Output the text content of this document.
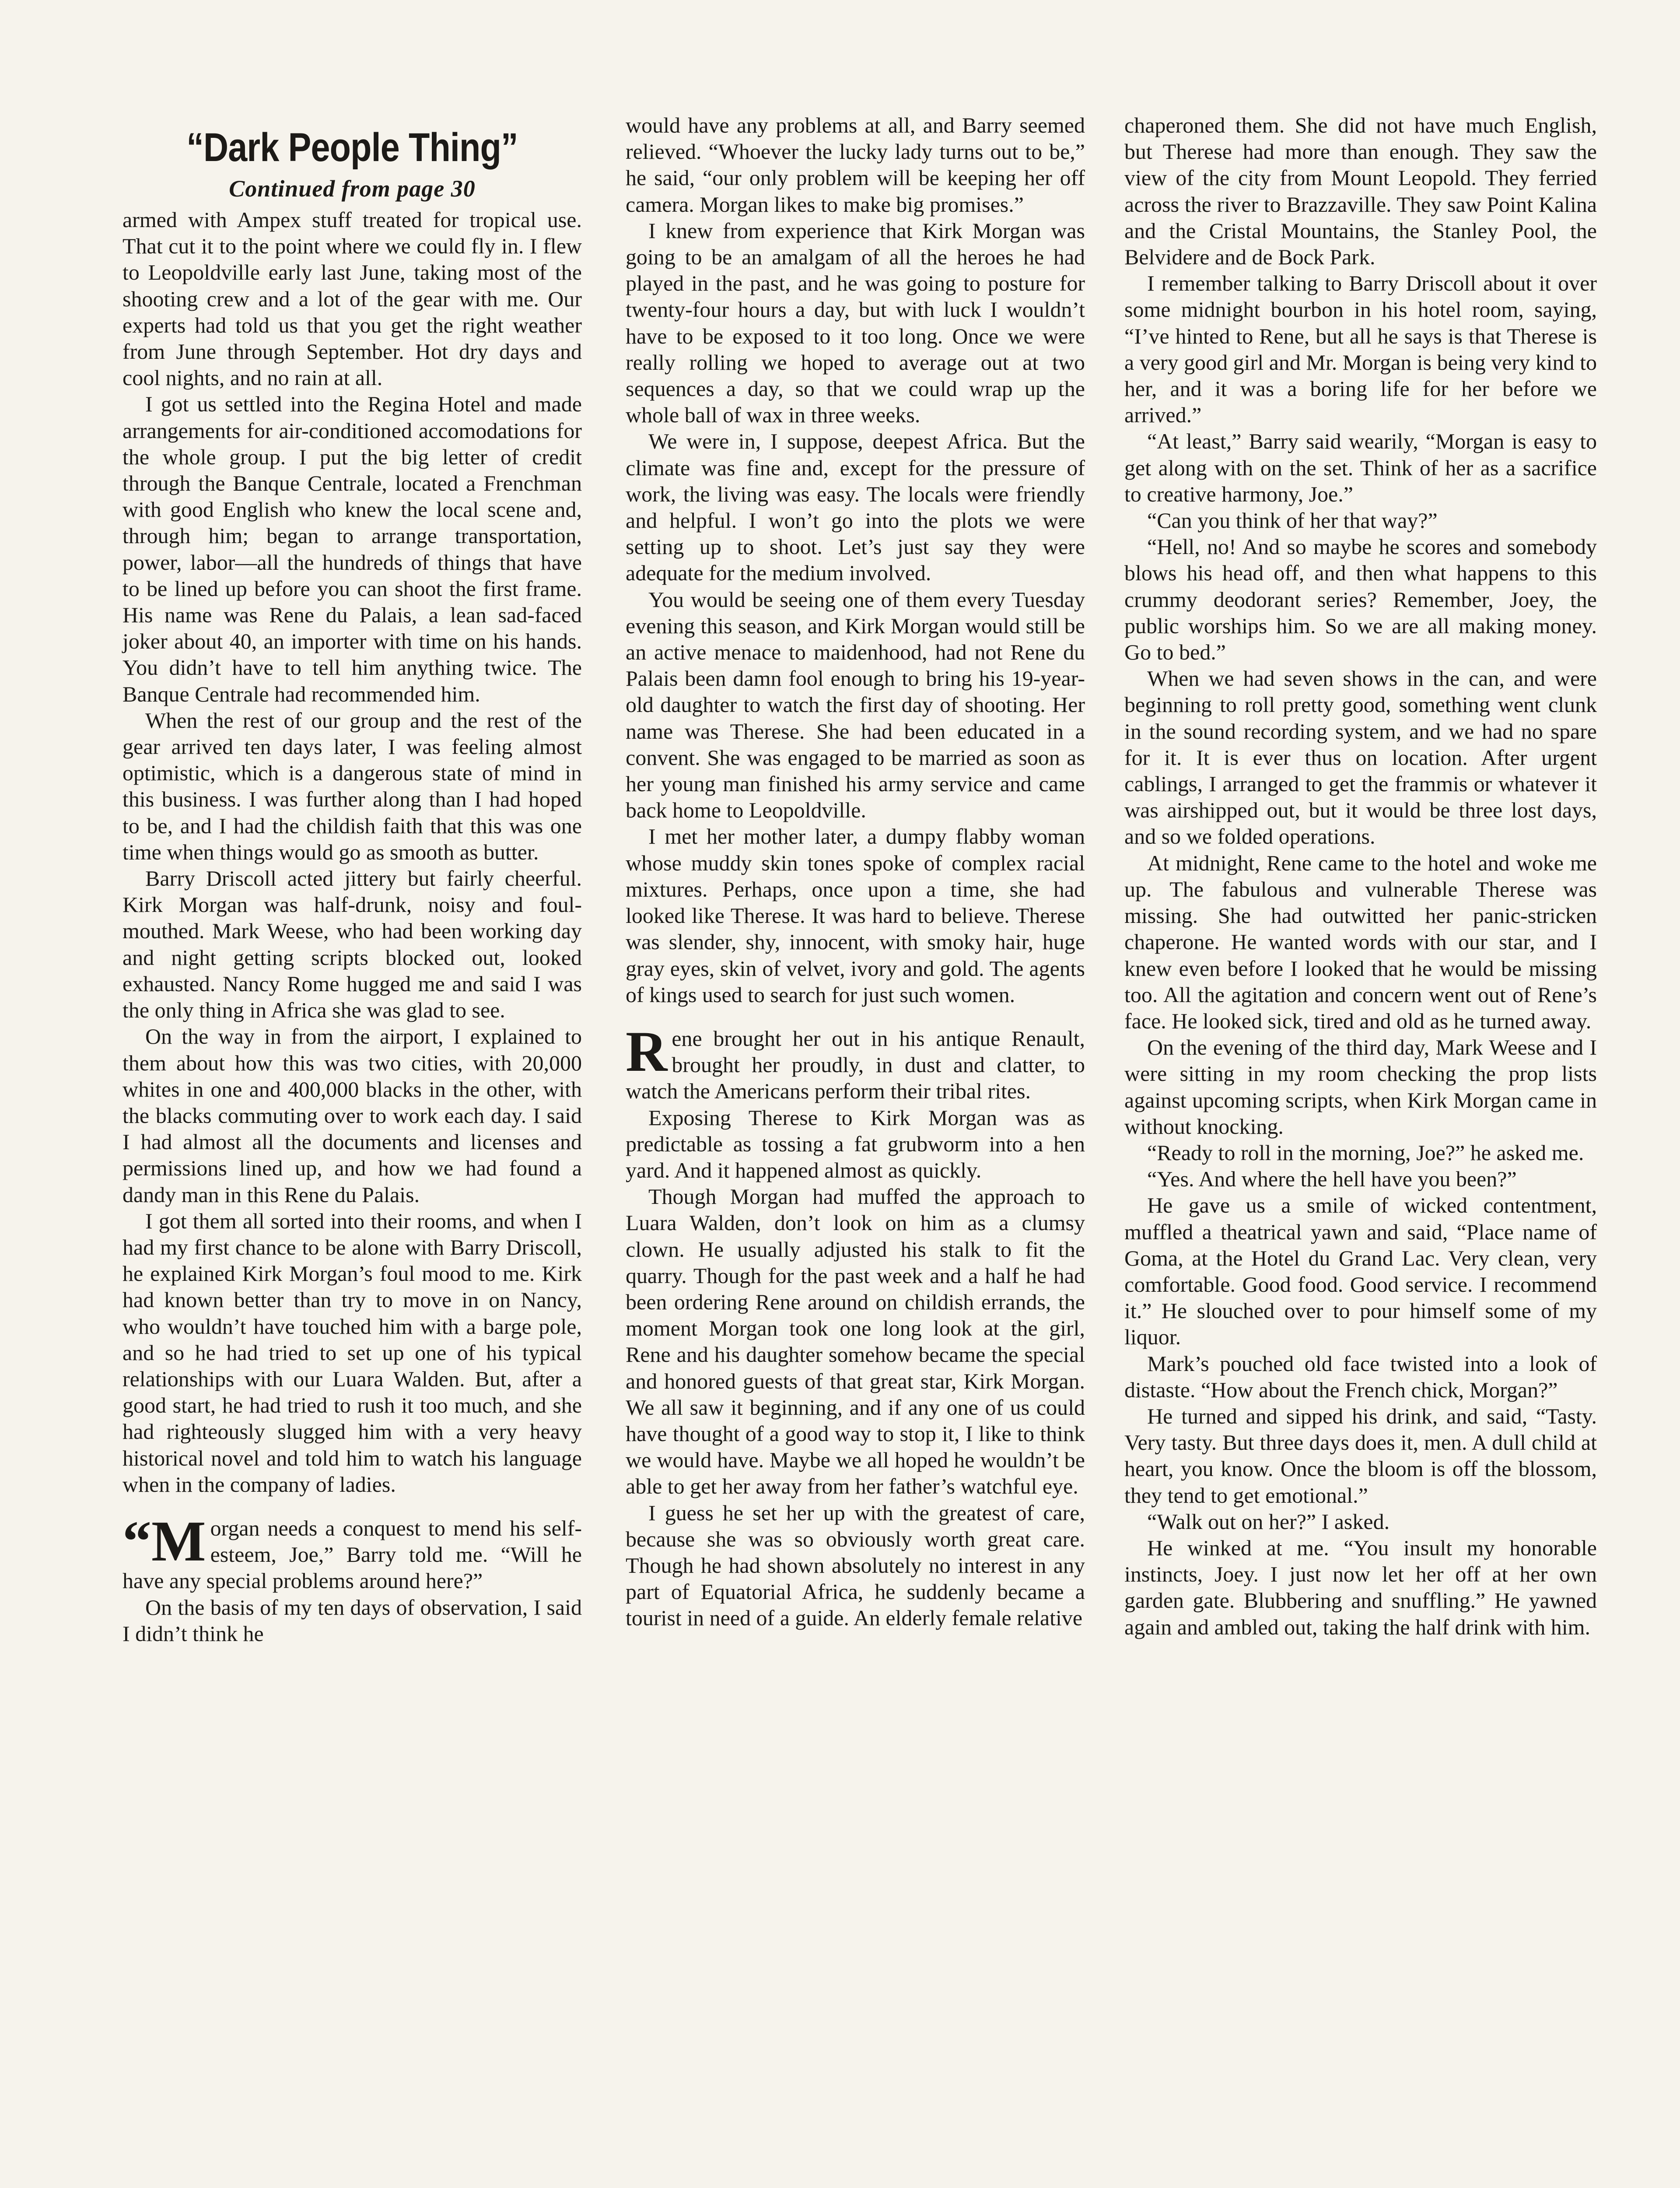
“Dark People Thing”
Continued from page 30

armed with Ampex stuff treated for tropical use. That cut it to the point where we could fly in. I flew to Leopoldville early last June, taking most of the shooting crew and a lot of the gear with me. Our experts had told us that you get the right weather from June through September. Hot dry days and cool nights, and no rain at all.

I got us settled into the Regina Hotel and made arrangements for air-conditioned accomodations for the whole group. I put the big letter of credit through the Banque Centrale, located a Frenchman with good English who knew the local scene and, through him; began to arrange transportation, power, labor—all the hundreds of things that have to be lined up before you can shoot the first frame. His name was Rene du Palais, a lean sad-faced joker about 40, an importer with time on his hands. You didn’t have to tell him anything twice. The Banque Centrale had recommended him.

When the rest of our group and the rest of the gear arrived ten days later, I was feeling almost optimistic, which is a dangerous state of mind in this business. I was further along than I had hoped to be, and I had the childish faith that this was one time when things would go as smooth as butter.

Barry Driscoll acted jittery but fairly cheerful. Kirk Morgan was half-drunk, noisy and foul-mouthed. Mark Weese, who had been working day and night getting scripts blocked out, looked exhausted. Nancy Rome hugged me and said I was the only thing in Africa she was glad to see.

On the way in from the airport, I explained to them about how this was two cities, with 20,000 whites in one and 400,000 blacks in the other, with the blacks commuting over to work each day. I said I had almost all the documents and licenses and permissions lined up, and how we had found a dandy man in this Rene du Palais.

I got them all sorted into their rooms, and when I had my first chance to be alone with Barry Driscoll, he explained Kirk Morgan’s foul mood to me. Kirk had known better than try to move in on Nancy, who wouldn’t have touched him with a barge pole, and so he had tried to set up one of his typical relationships with our Luara Walden. But, after a good start, he had tried to rush it too much, and she had righteously slugged him with a very heavy historical novel and told him to watch his language when in the company of ladies.

“Morgan needs a conquest to mend his self-esteem, Joe,” Barry told me. “Will he have any special problems around here?”

On the basis of my ten days of observation, I said I didn’t think he

would have any problems at all, and Barry seemed relieved. “Whoever the lucky lady turns out to be,” he said, “our only problem will be keeping her off camera. Morgan likes to make big promises.”

I knew from experience that Kirk Morgan was going to be an amalgam of all the heroes he had played in the past, and he was going to posture for twenty-four hours a day, but with luck I wouldn’t have to be exposed to it too long. Once we were really rolling we hoped to average out at two sequences a day, so that we could wrap up the whole ball of wax in three weeks.

We were in, I suppose, deepest Africa. But the climate was fine and, except for the pressure of work, the living was easy. The locals were friendly and helpful. I won’t go into the plots we were setting up to shoot. Let’s just say they were adequate for the medium involved.

You would be seeing one of them every Tuesday evening this season, and Kirk Morgan would still be an active menace to maidenhood, had not Rene du Palais been damn fool enough to bring his 19-year-old daughter to watch the first day of shooting. Her name was Therese. She had been educated in a convent. She was engaged to be married as soon as her young man finished his army service and came back home to Leopoldville.

I met her mother later, a dumpy flabby woman whose muddy skin tones spoke of complex racial mixtures. Perhaps, once upon a time, she had looked like Therese. It was hard to believe. Therese was slender, shy, innocent, with smoky hair, huge gray eyes, skin of velvet, ivory and gold. The agents of kings used to search for just such women.

Rene brought her out in his antique Renault, brought her proudly, in dust and clatter, to watch the Americans perform their tribal rites.

Exposing Therese to Kirk Morgan was as predictable as tossing a fat grubworm into a hen yard. And it happened almost as quickly.

Though Morgan had muffed the approach to Luara Walden, don’t look on him as a clumsy clown. He usually adjusted his stalk to fit the quarry. Though for the past week and a half he had been ordering Rene around on childish errands, the moment Morgan took one long look at the girl, Rene and his daughter somehow became the special and honored guests of that great star, Kirk Morgan. We all saw it beginning, and if any one of us could have thought of a good way to stop it, I like to think we would have. Maybe we all hoped he wouldn’t be able to get her away from her father’s watchful eye.

I guess he set her up with the greatest of care, because she was so obviously worth great care. Though he had shown absolutely no interest in any part of Equatorial Africa, he suddenly became a tourist in need of a guide. An elderly female relative

chaperoned them. She did not have much English, but Therese had more than enough. They saw the view of the city from Mount Leopold. They ferried across the river to Brazzaville. They saw Point Kalina and the Cristal Mountains, the Stanley Pool, the Belvidere and de Bock Park.

I remember talking to Barry Driscoll about it over some midnight bourbon in his hotel room, saying, “I’ve hinted to Rene, but all he says is that Therese is a very good girl and Mr. Morgan is being very kind to her, and it was a boring life for her before we arrived.”

“At least,” Barry said wearily, “Morgan is easy to get along with on the set. Think of her as a sacrifice to creative harmony, Joe.”

“Can you think of her that way?”

“Hell, no! And so maybe he scores and somebody blows his head off, and then what happens to this crummy deodorant series? Remember, Joey, the public worships him. So we are all making money. Go to bed.”

When we had seven shows in the can, and were beginning to roll pretty good, something went clunk in the sound recording system, and we had no spare for it. It is ever thus on location. After urgent cablings, I arranged to get the frammis or whatever it was airshipped out, but it would be three lost days, and so we folded operations.

At midnight, Rene came to the hotel and woke me up. The fabulous and vulnerable Therese was missing. She had outwitted her panic-stricken chaperone. He wanted words with our star, and I knew even before I looked that he would be missing too. All the agitation and concern went out of Rene’s face. He looked sick, tired and old as he turned away.

On the evening of the third day, Mark Weese and I were sitting in my room checking the prop lists against upcoming scripts, when Kirk Morgan came in without knocking.

“Ready to roll in the morning, Joe?” he asked me.

“Yes. And where the hell have you been?”

He gave us a smile of wicked contentment, muffled a theatrical yawn and said, “Place name of Goma, at the Hotel du Grand Lac. Very clean, very comfortable. Good food. Good service. I recommend it.” He slouched over to pour himself some of my liquor.

Mark’s pouched old face twisted into a look of distaste. “How about the French chick, Morgan?”

He turned and sipped his drink, and said, “Tasty. Very tasty. But three days does it, men. A dull child at heart, you know. Once the bloom is off the blossom, they tend to get emotional.”

“Walk out on her?” I asked.

He winked at me. “You insult my honorable instincts, Joey. I just now let her off at her own garden gate. Blubbering and snuffling.” He yawned again and ambled out, taking the half drink with him.
